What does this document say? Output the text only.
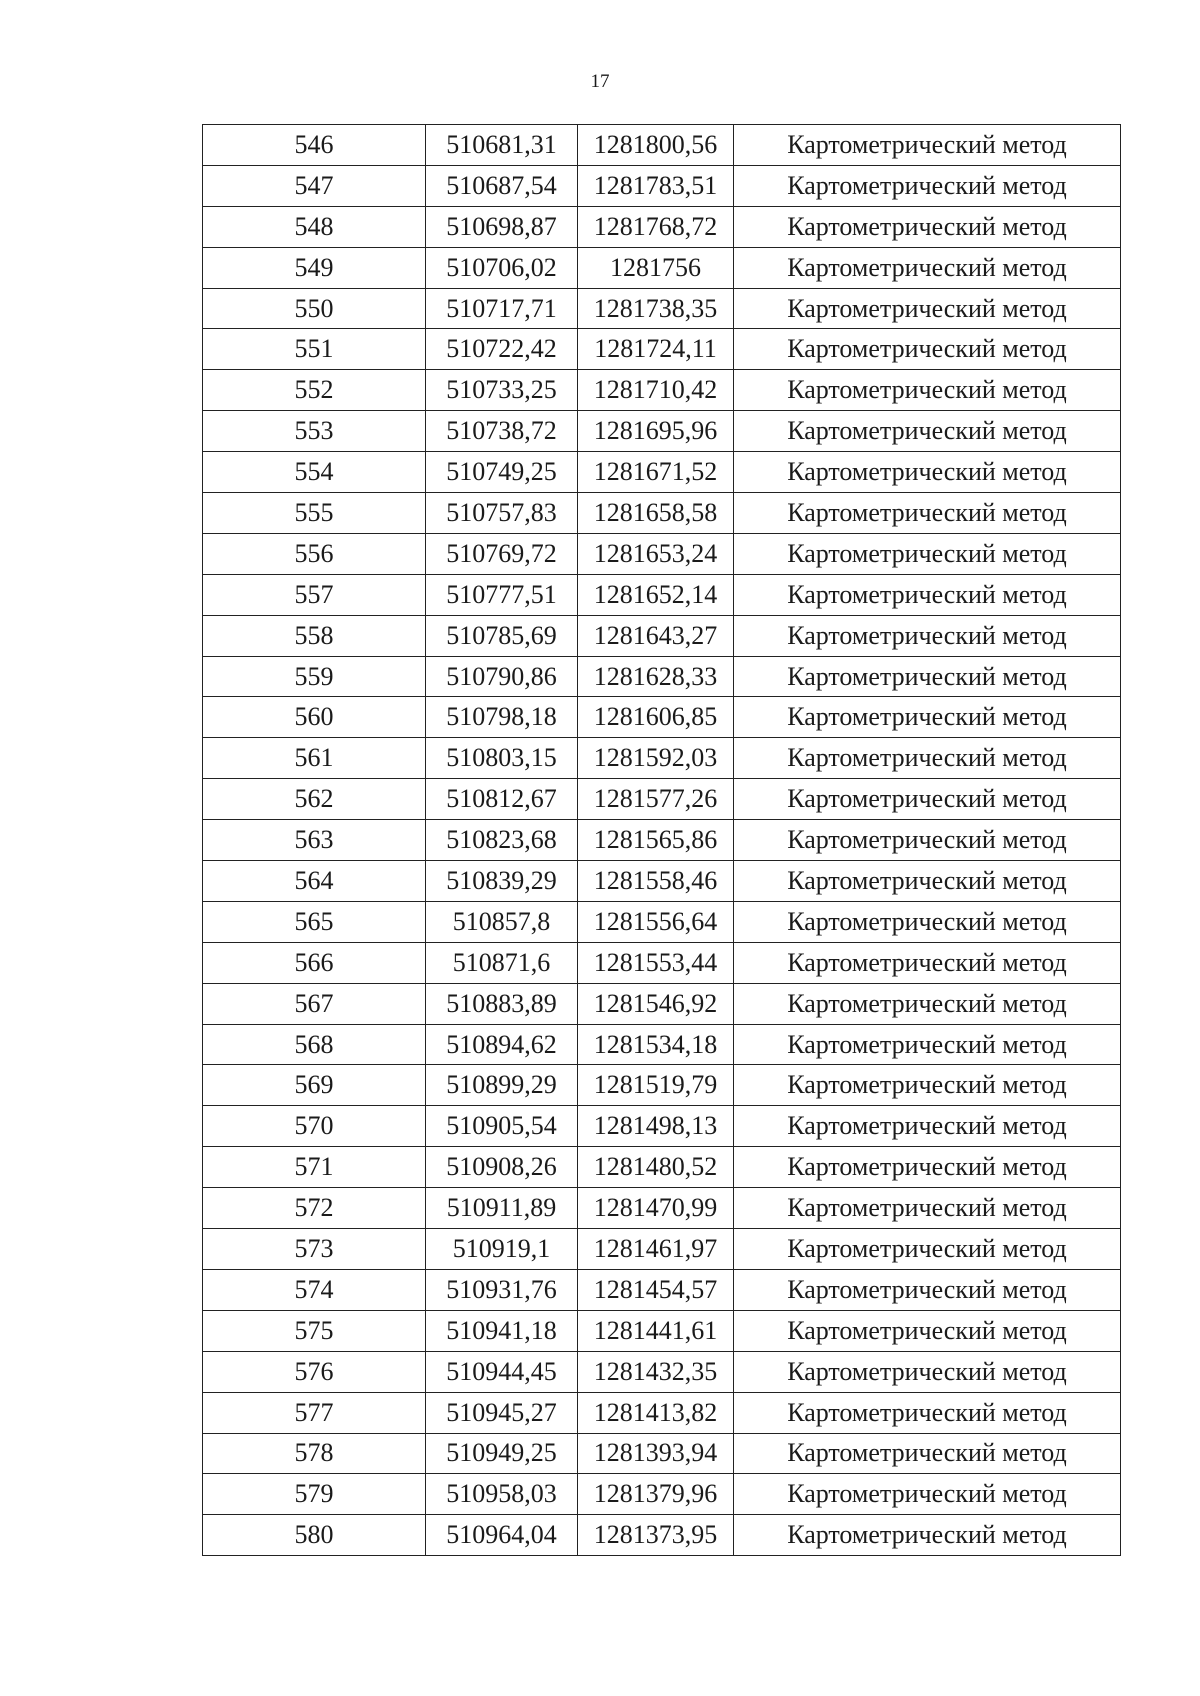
17
546	510681,31	1281800,56	Картометрический метод
547	510687,54	1281783,51	Картометрический метод
548	510698,87	1281768,72	Картометрический метод
549	510706,02	1281756	Картометрический метод
550	510717,71	1281738,35	Картометрический метод
551	510722,42	1281724,11	Картометрический метод
552	510733,25	1281710,42	Картометрический метод
553	510738,72	1281695,96	Картометрический метод
554	510749,25	1281671,52	Картометрический метод
555	510757,83	1281658,58	Картометрический метод
556	510769,72	1281653,24	Картометрический метод
557	510777,51	1281652,14	Картометрический метод
558	510785,69	1281643,27	Картометрический метод
559	510790,86	1281628,33	Картометрический метод
560	510798,18	1281606,85	Картометрический метод
561	510803,15	1281592,03	Картометрический метод
562	510812,67	1281577,26	Картометрический метод
563	510823,68	1281565,86	Картометрический метод
564	510839,29	1281558,46	Картометрический метод
565	510857,8	1281556,64	Картометрический метод
566	510871,6	1281553,44	Картометрический метод
567	510883,89	1281546,92	Картометрический метод
568	510894,62	1281534,18	Картометрический метод
569	510899,29	1281519,79	Картометрический метод
570	510905,54	1281498,13	Картометрический метод
571	510908,26	1281480,52	Картометрический метод
572	510911,89	1281470,99	Картометрический метод
573	510919,1	1281461,97	Картометрический метод
574	510931,76	1281454,57	Картометрический метод
575	510941,18	1281441,61	Картометрический метод
576	510944,45	1281432,35	Картометрический метод
577	510945,27	1281413,82	Картометрический метод
578	510949,25	1281393,94	Картометрический метод
579	510958,03	1281379,96	Картометрический метод
580	510964,04	1281373,95	Картометрический метод
